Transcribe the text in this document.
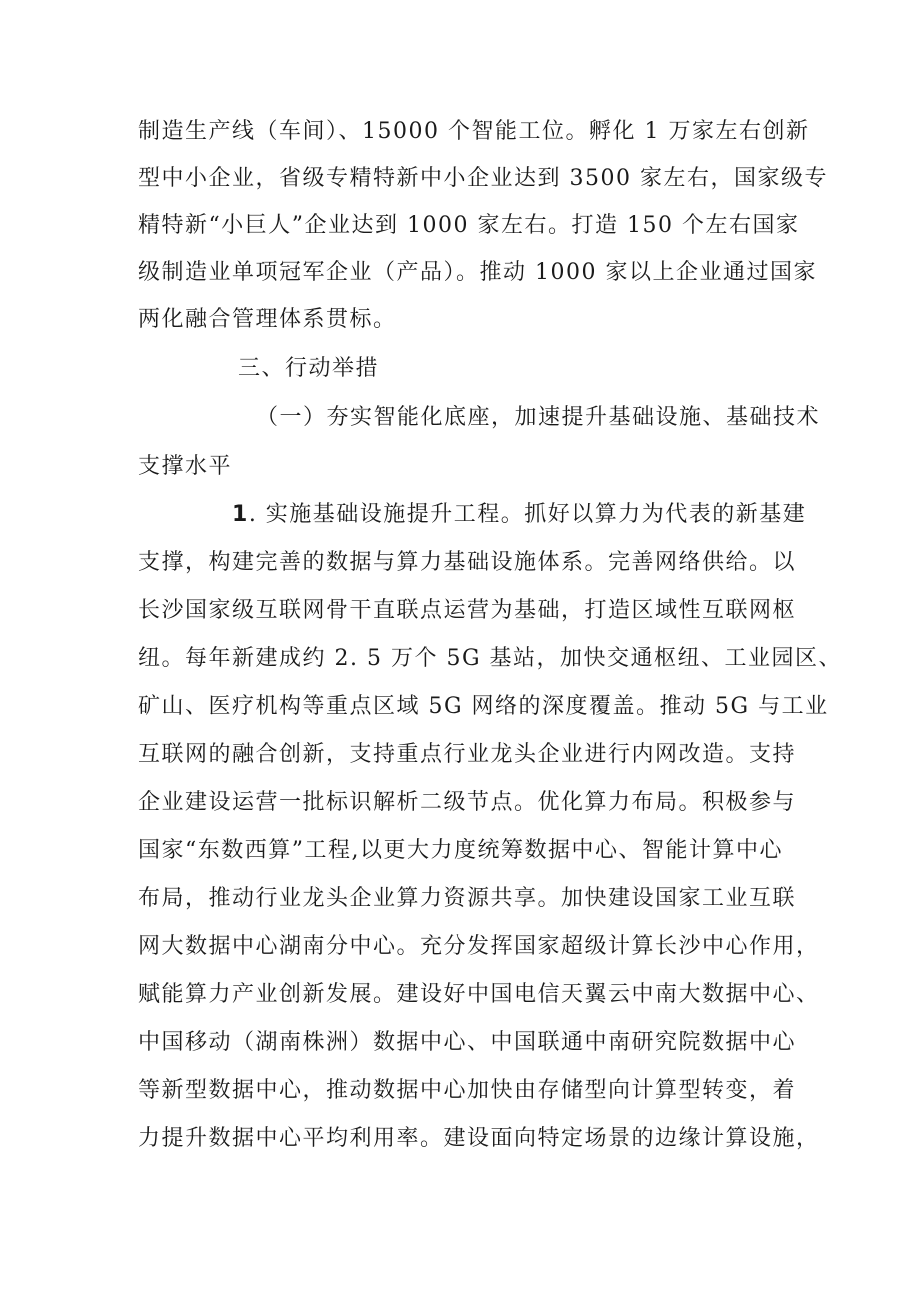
制造生产线（车间）、15000 个智能工位。孵化 1 万家左右创新
型中小企业，省级专精特新中小企业达到 3500 家左右，国家级专
精特新“小巨人”企业达到 1000 家左右。打造 150 个左右国家
级制造业单项冠军企业（产品）。推动 1000 家以上企业通过国家
两化融合管理体系贯标。
三、行动举措
（一）夯实智能化底座，加速提升基础设施、基础技术
支撑水平
1. 实施基础设施提升工程。抓好以算力为代表的新基建
支撑，构建完善的数据与算力基础设施体系。完善网络供给。以
长沙国家级互联网骨干直联点运营为基础，打造区域性互联网枢
纽。每年新建成约 2. 5 万个 5G 基站，加快交通枢纽、工业园区、
矿山、医疗机构等重点区域 5G 网络的深度覆盖。推动 5G 与工业
互联网的融合创新，支持重点行业龙头企业进行内网改造。支持
企业建设运营一批标识解析二级节点。优化算力布局。积极参与
国家“东数西算”工程,以更大力度统筹数据中心、智能计算中心
布局，推动行业龙头企业算力资源共享。加快建设国家工业互联
网大数据中心湖南分中心。充分发挥国家超级计算长沙中心作用，
赋能算力产业创新发展。建设好中国电信天翼云中南大数据中心、
中国移动（湖南株洲）数据中心、中国联通中南研究院数据中心
等新型数据中心，推动数据中心加快由存储型向计算型转变，着
力提升数据中心平均利用率。建设面向特定场景的边缘计算设施，
